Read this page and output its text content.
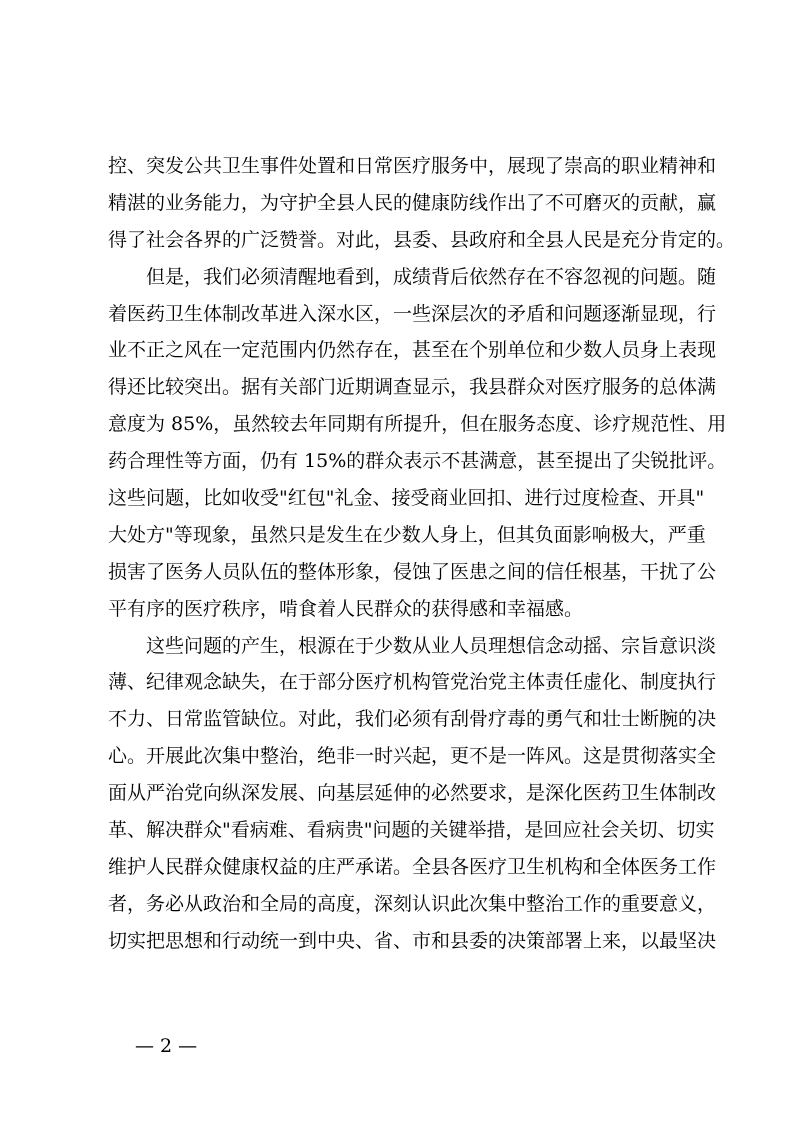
控、突发公共卫生事件处置和日常医疗服务中，展现了崇高的职业精神和
精湛的业务能力，为守护全县人民的健康防线作出了不可磨灭的贡献，赢
得了社会各界的广泛赞誉。对此，县委、县政府和全县人民是充分肯定的。
但是，我们必须清醒地看到，成绩背后依然存在不容忽视的问题。随
着医药卫生体制改革进入深水区，一些深层次的矛盾和问题逐渐显现，行
业不正之风在一定范围内仍然存在，甚至在个别单位和少数人员身上表现
得还比较突出。据有关部门近期调查显示，我县群众对医疗服务的总体满
意度为 85%，虽然较去年同期有所提升，但在服务态度、诊疗规范性、用
药合理性等方面，仍有 15%的群众表示不甚满意，甚至提出了尖锐批评。
这些问题，比如收受"红包"礼金、接受商业回扣、进行过度检查、开具"
大处方"等现象，虽然只是发生在少数人身上，但其负面影响极大，严重
损害了医务人员队伍的整体形象，侵蚀了医患之间的信任根基，干扰了公
平有序的医疗秩序，啃食着人民群众的获得感和幸福感。
这些问题的产生，根源在于少数从业人员理想信念动摇、宗旨意识淡
薄、纪律观念缺失，在于部分医疗机构管党治党主体责任虚化、制度执行
不力、日常监管缺位。对此，我们必须有刮骨疗毒的勇气和壮士断腕的决
心。开展此次集中整治，绝非一时兴起，更不是一阵风。这是贯彻落实全
面从严治党向纵深发展、向基层延伸的必然要求，是深化医药卫生体制改
革、解决群众"看病难、看病贵"问题的关键举措，是回应社会关切、切实
维护人民群众健康权益的庄严承诺。全县各医疗卫生机构和全体医务工作
者，务必从政治和全局的高度，深刻认识此次集中整治工作的重要意义，
切实把思想和行动统一到中央、省、市和县委的决策部署上来，以最坚决
— 2 —
